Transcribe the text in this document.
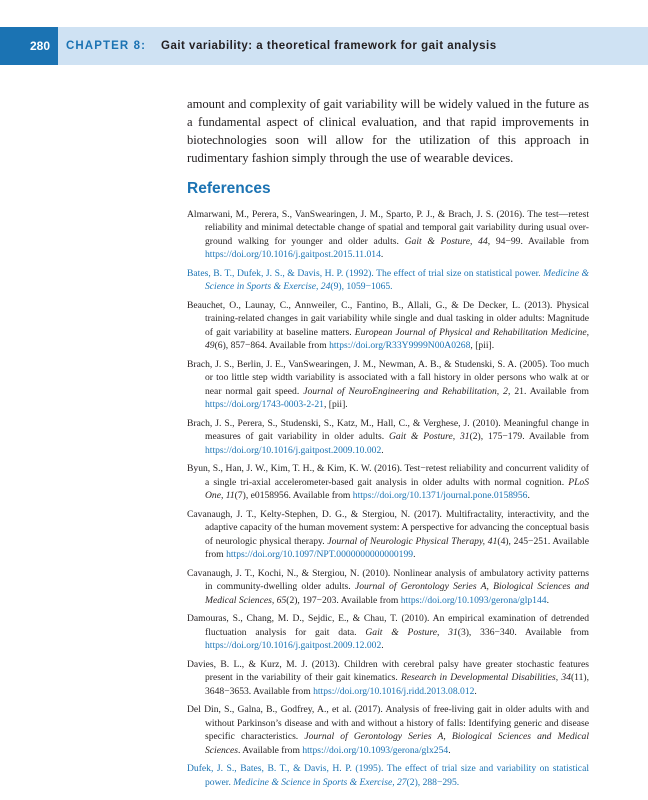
280	CHAPTER 8: Gait variability: a theoretical framework for gait analysis

amount and complexity of gait variability will be widely valued in the future as a fundamental aspect of clinical evaluation, and that rapid improvements in biotechnologies soon will allow for the utilization of this approach in rudimentary fashion simply through the use of wearable devices.

References
Almarwani, M., Perera, S., VanSwearingen, J. M., Sparto, P. J., & Brach, J. S. (2016). The test—retest reliability and minimal detectable change of spatial and temporal gait variability during usual over-ground walking for younger and older adults. Gait & Posture, 44, 94−99. Available from https://doi.org/10.1016/j.gaitpost.2015.11.014.
Bates, B. T., Dufek, J. S., & Davis, H. P. (1992). The effect of trial size on statistical power. Medicine & Science in Sports & Exercise, 24(9), 1059−1065.
Beauchet, O., Launay, C., Annweiler, C., Fantino, B., Allali, G., & De Decker, L. (2013). Physical training-related changes in gait variability while single and dual tasking in older adults: Magnitude of gait variability at baseline matters. European Journal of Physical and Rehabilitation Medicine, 49(6), 857−864. Available from https://doi.org/R33Y9999N00A0268, [pii].
Brach, J. S., Berlin, J. E., VanSwearingen, J. M., Newman, A. B., & Studenski, S. A. (2005). Too much or too little step width variability is associated with a fall history in older persons who walk at or near normal gait speed. Journal of NeuroEngineering and Rehabilitation, 2, 21. Available from https://doi.org/1743-0003-2-21, [pii].
Brach, J. S., Perera, S., Studenski, S., Katz, M., Hall, C., & Verghese, J. (2010). Meaningful change in measures of gait variability in older adults. Gait & Posture, 31(2), 175−179. Available from https://doi.org/10.1016/j.gaitpost.2009.10.002.
Byun, S., Han, J. W., Kim, T. H., & Kim, K. W. (2016). Test−retest reliability and concurrent validity of a single tri-axial accelerometer-based gait analysis in older adults with normal cognition. PLoS One, 11(7), e0158956. Available from https://doi.org/10.1371/journal.pone.0158956.
Cavanaugh, J. T., Kelty-Stephen, D. G., & Stergiou, N. (2017). Multifractality, interactivity, and the adaptive capacity of the human movement system: A perspective for advancing the conceptual basis of neurologic physical therapy. Journal of Neurologic Physical Therapy, 41(4), 245−251. Available from https://doi.org/10.1097/NPT.0000000000000199.
Cavanaugh, J. T., Kochi, N., & Stergiou, N. (2010). Nonlinear analysis of ambulatory activity patterns in community-dwelling older adults. Journal of Gerontology Series A, Biological Sciences and Medical Sciences, 65(2), 197−203. Available from https://doi.org/10.1093/gerona/glp144.
Damouras, S., Chang, M. D., Sejdic, E., & Chau, T. (2010). An empirical examination of detrended fluctuation analysis for gait data. Gait & Posture, 31(3), 336−340. Available from https://doi.org/10.1016/j.gaitpost.2009.12.002.
Davies, B. L., & Kurz, M. J. (2013). Children with cerebral palsy have greater stochastic features present in the variability of their gait kinematics. Research in Developmental Disabilities, 34(11), 3648−3653. Available from https://doi.org/10.1016/j.ridd.2013.08.012.
Del Din, S., Galna, B., Godfrey, A., et al. (2017). Analysis of free-living gait in older adults with and without Parkinson’s disease and with and without a history of falls: Identifying generic and disease specific characteristics. Journal of Gerontology Series A, Biological Sciences and Medical Sciences. Available from https://doi.org/10.1093/gerona/glx254.
Dufek, J. S., Bates, B. T., & Davis, H. P. (1995). The effect of trial size and variability on statistical power. Medicine & Science in Sports & Exercise, 27(2), 288−295.
